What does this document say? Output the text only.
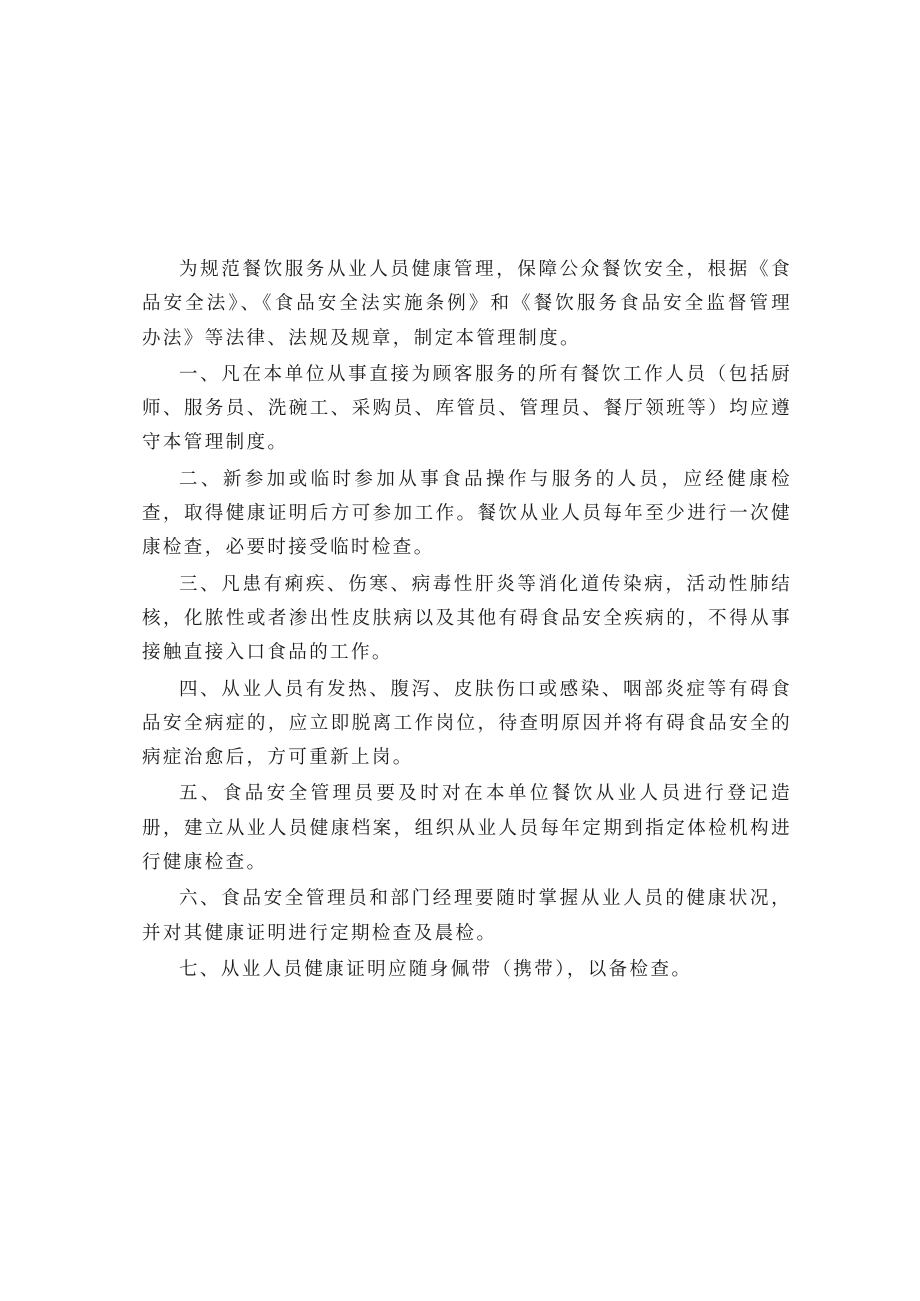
为规范餐饮服务从业人员健康管理，保障公众餐饮安全，根据《食品安全法》、《食品安全法实施条例》和《餐饮服务食品安全监督管理办法》等法律、法规及规章，制定本管理制度。

一、凡在本单位从事直接为顾客服务的所有餐饮工作人员（包括厨师、服务员、洗碗工、采购员、库管员、管理员、餐厅领班等）均应遵守本管理制度。

二、新参加或临时参加从事食品操作与服务的人员，应经健康检查，取得健康证明后方可参加工作。餐饮从业人员每年至少进行一次健康检查，必要时接受临时检查。

三、凡患有痢疾、伤寒、病毒性肝炎等消化道传染病，活动性肺结核，化脓性或者渗出性皮肤病以及其他有碍食品安全疾病的，不得从事接触直接入口食品的工作。

四、从业人员有发热、腹泻、皮肤伤口或感染、咽部炎症等有碍食品安全病症的，应立即脱离工作岗位，待查明原因并将有碍食品安全的病症治愈后，方可重新上岗。

五、食品安全管理员要及时对在本单位餐饮从业人员进行登记造册，建立从业人员健康档案，组织从业人员每年定期到指定体检机构进行健康检查。

六、食品安全管理员和部门经理要随时掌握从业人员的健康状况，并对其健康证明进行定期检查及晨检。

七、从业人员健康证明应随身佩带（携带），以备检查。
